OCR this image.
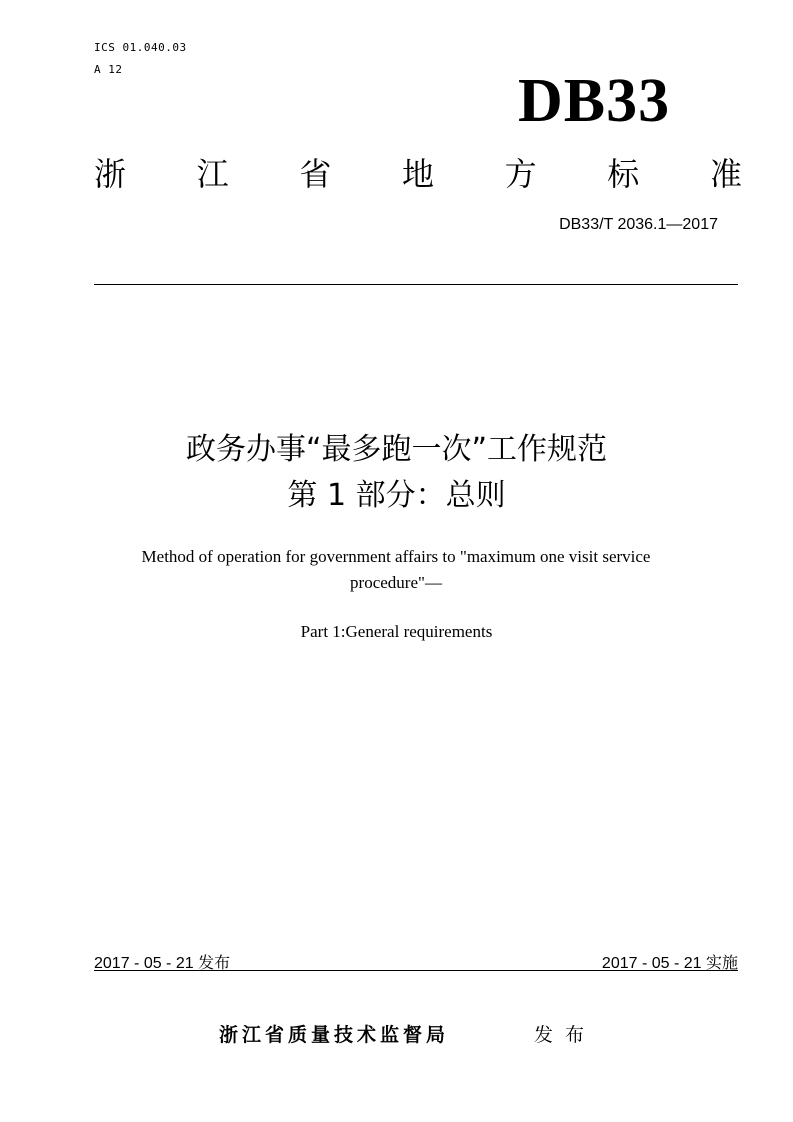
ICS 01.040.03
A 12	DB33
浙 江 省 地 方 标 准
DB33/T 2036.1—2017
政务办事“最多跑一次”工作规范
第 1 部分：总则
Method of operation for government affairs to "maximum one visit service procedure"—
Part 1:General requirements
2017 - 05 - 21 发布	2017 - 05 - 21 实施
浙江省质量技术监督局	发布
